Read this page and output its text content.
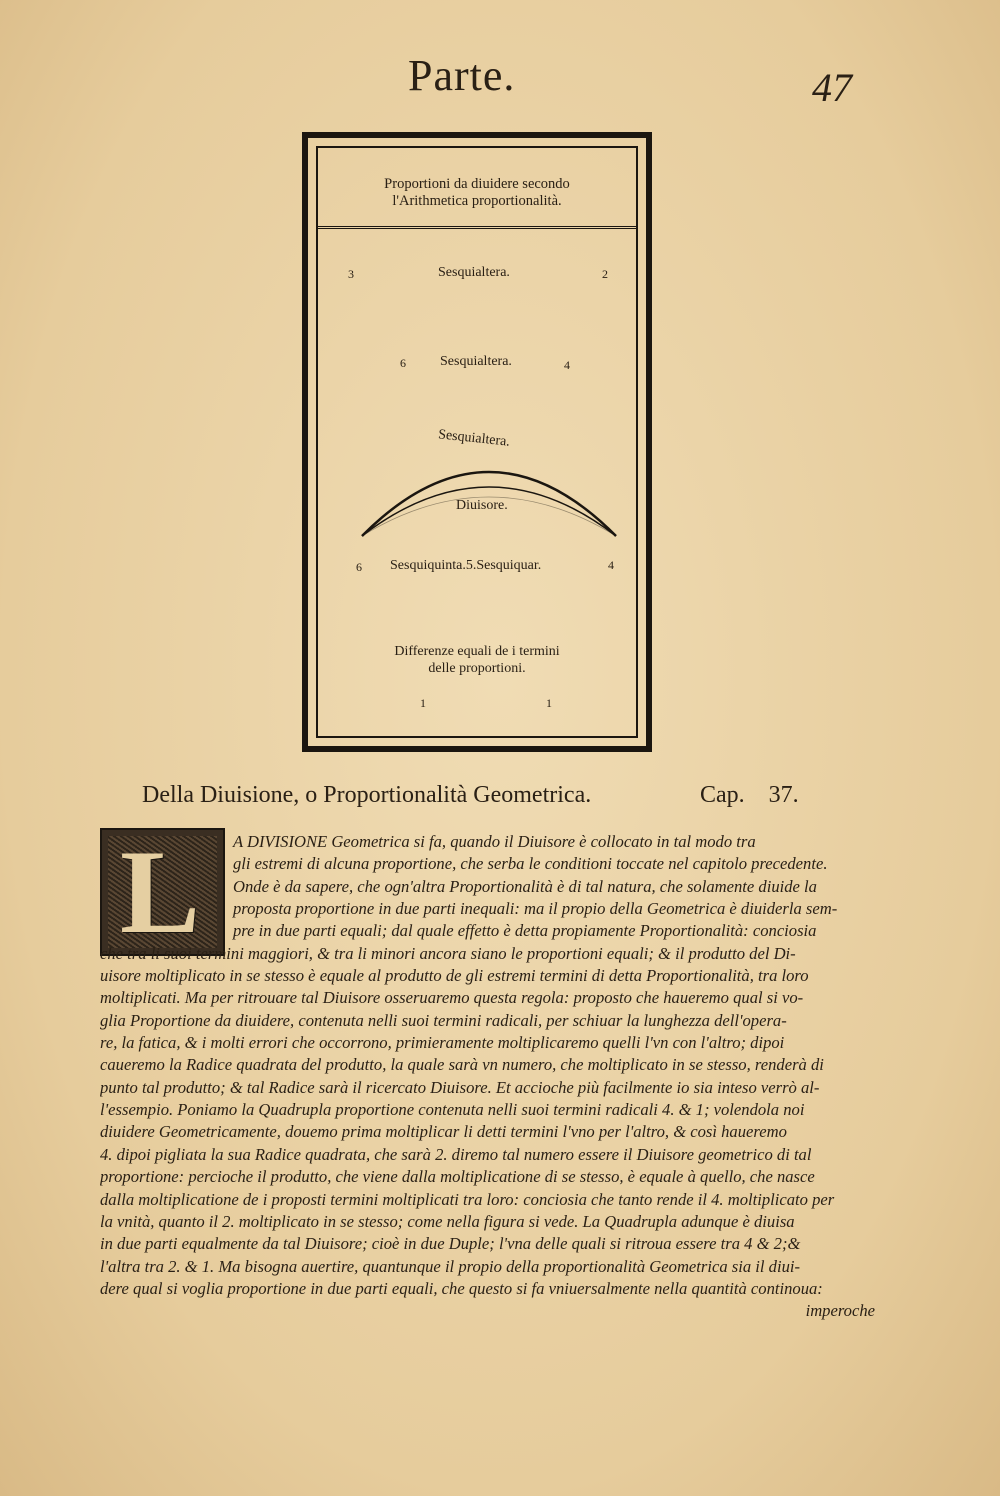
Parte.	47
Proportioni da diuidere secondo
l'Arithmetica proportionalità.
3	Sesquialtera.	2
6 Sesquialtera.	4
Sesquialtera.
Diuisore.
6 Sesquiquinta.5.Sesquiquar.	4
Differenze equali de i termini
delle proportioni.
1	1
Della Diuisione, o Proportionalità Geometrica.	Cap. 37.
L	A DIVISIONE Geometrica si fa, quando il Diuisore è collocato in tal modo tra
gli estremi di alcuna proportione, che serba le conditioni toccate nel capitolo precedente.
Onde è da sapere, che ogn'altra Proportionalità è di tal natura, che solamente diuide la
proposta proportione in due parti inequali: ma il propio della Geometrica è diuiderla sem-
pre in due parti equali; dal quale effetto è detta propiamente Proportionalità: conciosia
che tra li suoi termini maggiori, & tra li minori ancora siano le proportioni equali; & il produtto del Di-
uisore moltiplicato in se stesso è equale al produtto de gli estremi termini di detta Proportionalità, tra loro
moltiplicati. Ma per ritrouare tal Diuisore osseruaremo questa regola: proposto che haueremo qual si vo-
glia Proportione da diuidere, contenuta nelli suoi termini radicali, per schiuar la lunghezza dell'opera-
re, la fatica, & i molti errori che occorrono, primieramente moltiplicaremo quelli l'vn con l'altro; dipoi
caueremo la Radice quadrata del produtto, la quale sarà vn numero, che moltiplicato in se stesso, renderà di
punto tal produtto; & tal Radice sarà il ricercato Diuisore. Et accioche più facilmente io sia inteso verrò al-
l'essempio. Poniamo la Quadrupla proportione contenuta nelli suoi termini radicali 4. & 1; volendola noi
diuidere Geometricamente, douemo prima moltiplicar li detti termini l'vno per l'altro, & così haueremo
4. dipoi pigliata la sua Radice quadrata, che sarà 2. diremo tal numero essere il Diuisore geometrico di tal
proportione: percioche il produtto, che viene dalla moltiplicatione di se stesso, è equale à quello, che nasce
dalla moltiplicatione de i proposti termini moltiplicati tra loro: conciosia che tanto rende il 4. moltiplicato per
la vnità, quanto il 2. moltiplicato in se stesso; come nella figura si vede. La Quadrupla adunque è diuisa
in due parti equalmente da tal Diuisore; cioè in due Duple; l'vna delle quali si ritroua essere tra 4 & 2;&
l'altra tra 2. & 1. Ma bisogna auertire, quantunque il propio della proportionalità Geometrica sia il diui-
dere qual si voglia proportione in due parti equali, che questo si fa vniuersalmente nella quantità continoua:
imperoche
